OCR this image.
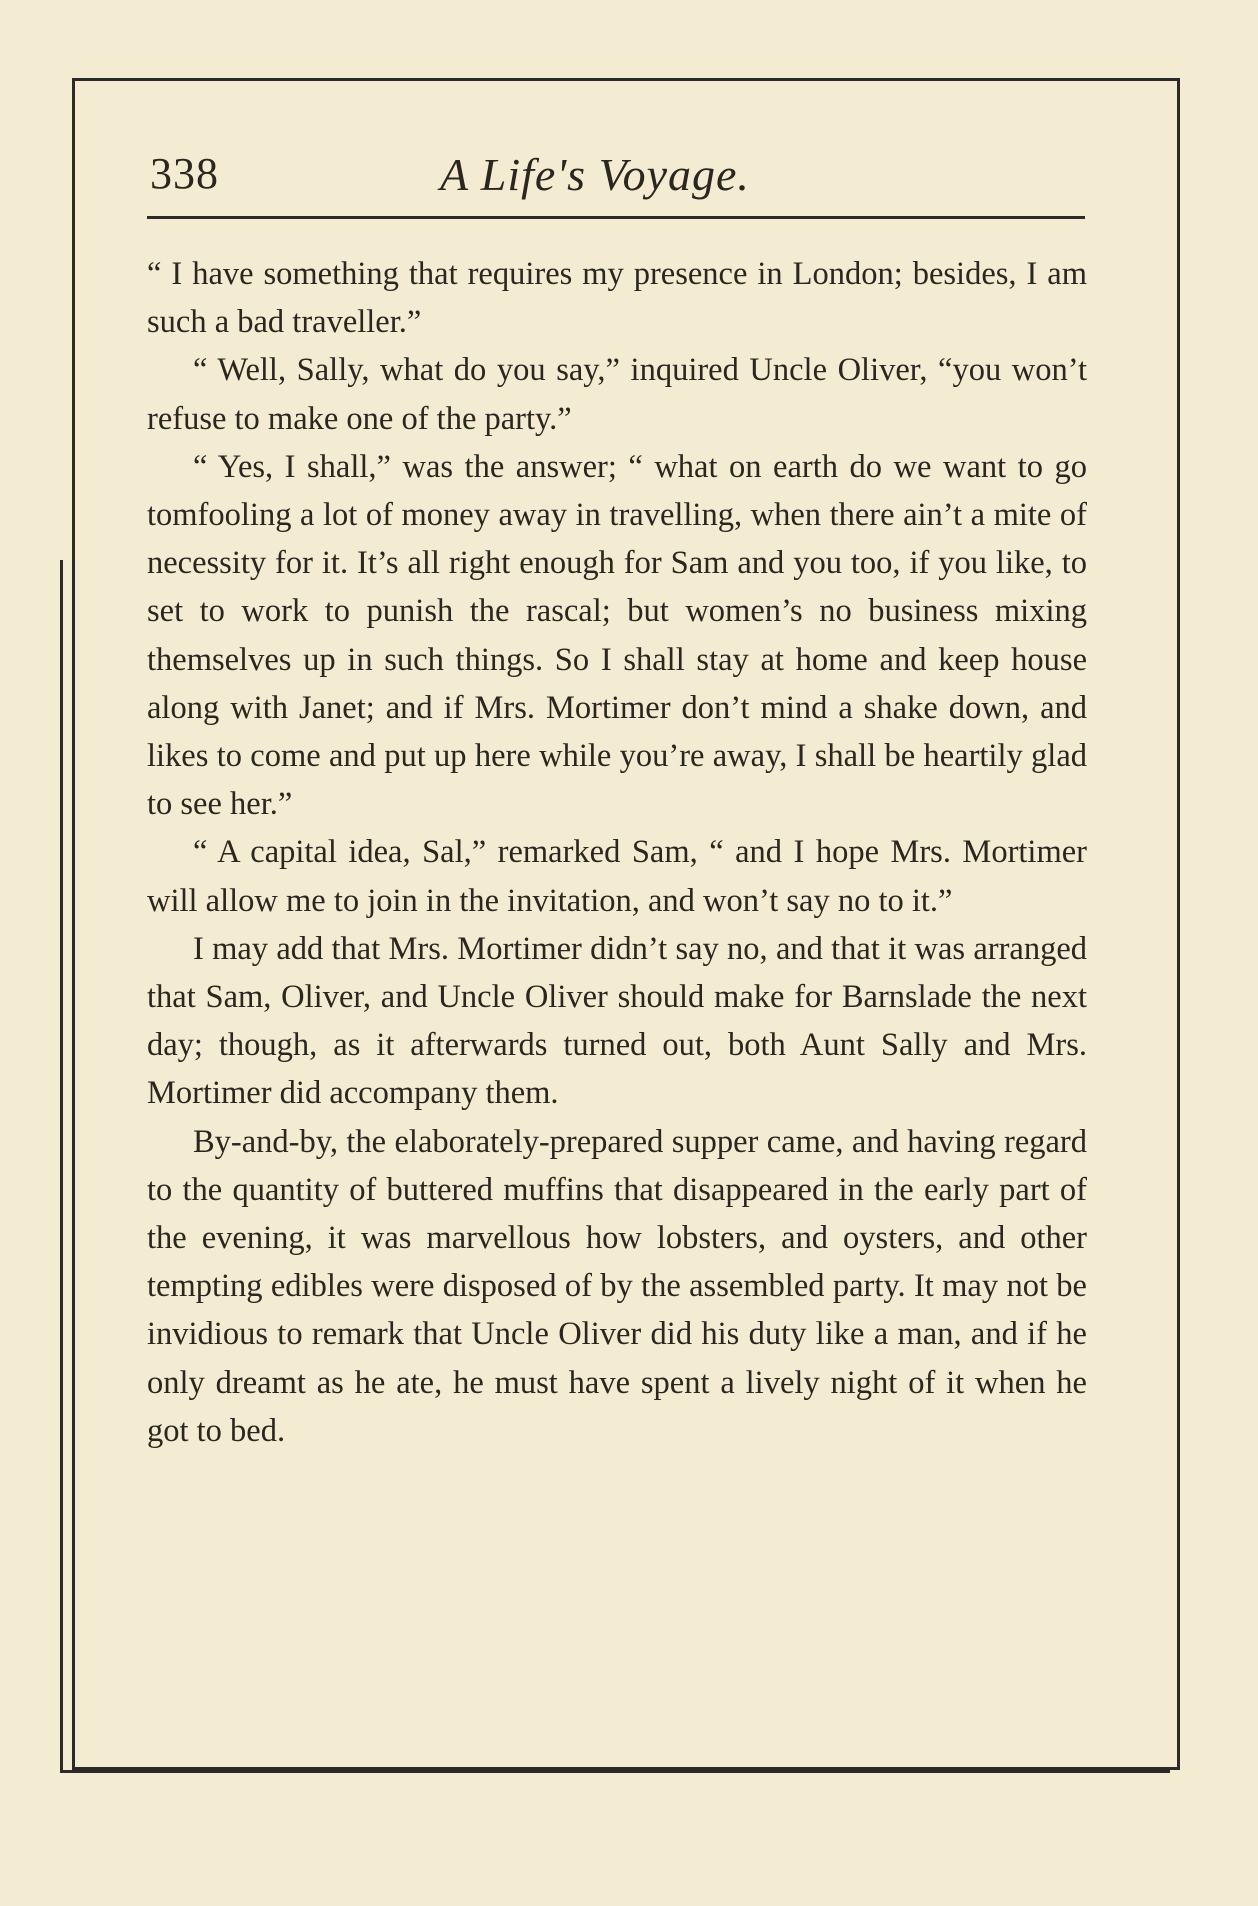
338	A Life's Voyage.

“ I have something that requires my presence in London; besides, I am such a bad traveller.”

“ Well, Sally, what do you say,” inquired Uncle Oliver, “you won’t refuse to make one of the party.”

“ Yes, I shall,” was the answer; “ what on earth do we want to go tomfooling a lot of money away in travelling, when there ain’t a mite of necessity for it. It’s all right enough for Sam and you too, if you like, to set to work to punish the rascal; but women’s no business mixing themselves up in such things. So I shall stay at home and keep house along with Janet; and if Mrs. Mortimer don’t mind a shake down, and likes to come and put up here while you’re away, I shall be heartily glad to see her.”

“ A capital idea, Sal,” remarked Sam, “ and I hope Mrs. Mortimer will allow me to join in the invitation, and won’t say no to it.”

I may add that Mrs. Mortimer didn’t say no, and that it was arranged that Sam, Oliver, and Uncle Oliver should make for Barnslade the next day; though, as it afterwards turned out, both Aunt Sally and Mrs. Mortimer did accompany them.

By-and-by, the elaborately-prepared supper came, and having regard to the quantity of buttered muffins that disappeared in the early part of the evening, it was marvellous how lobsters, and oysters, and other tempting edibles were disposed of by the assembled party. It may not be invidious to remark that Uncle Oliver did his duty like a man, and if he only dreamt as he ate, he must have spent a lively night of it when he got to bed.
